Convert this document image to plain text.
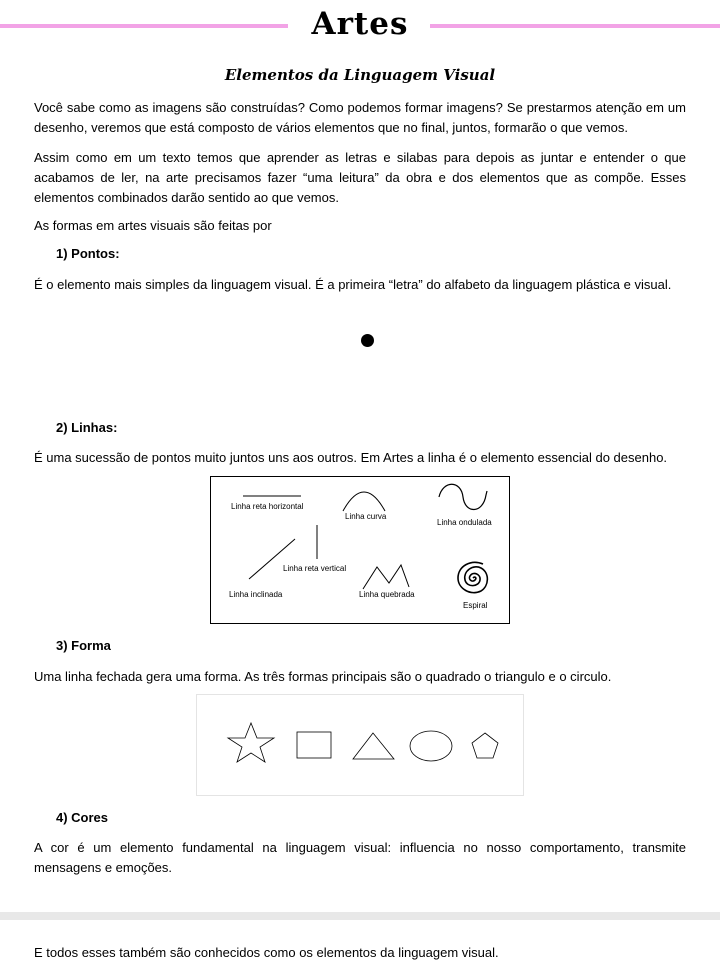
Artes
Elementos da Linguagem Visual

Você sabe como as imagens são construídas? Como podemos formar imagens? Se prestarmos atenção em um desenho, veremos que está composto de vários elementos que no final, juntos, formarão o que vemos.

Assim como em um texto temos que aprender as letras e silabas para depois as juntar e entender o que acabamos de ler, na arte precisamos fazer “uma leitura” da obra e dos elementos que as compõe. Esses elementos combinados darão sentido ao que vemos.

As formas em artes visuais são feitas por

1) Pontos:

É o elemento mais simples da linguagem visual. É a primeira “letra” do alfabeto da linguagem plástica e visual.

2) Linhas:

É uma sucessão de pontos muito juntos uns aos outros. Em Artes a linha é o elemento essencial do desenho.

Linha reta horizontal
Linha curva
Linha ondulada
Linha reta vertical
Linha inclinada	Linha quebrada
Espiral
3) Forma

Uma linha fechada gera uma forma. As três formas principais são o quadrado o triangulo e o circulo.

4) Cores

A cor é um elemento fundamental na linguagem visual: influencia no nosso comportamento, transmite mensagens e emoções.

E todos esses também são conhecidos como os elementos da linguagem visual.
